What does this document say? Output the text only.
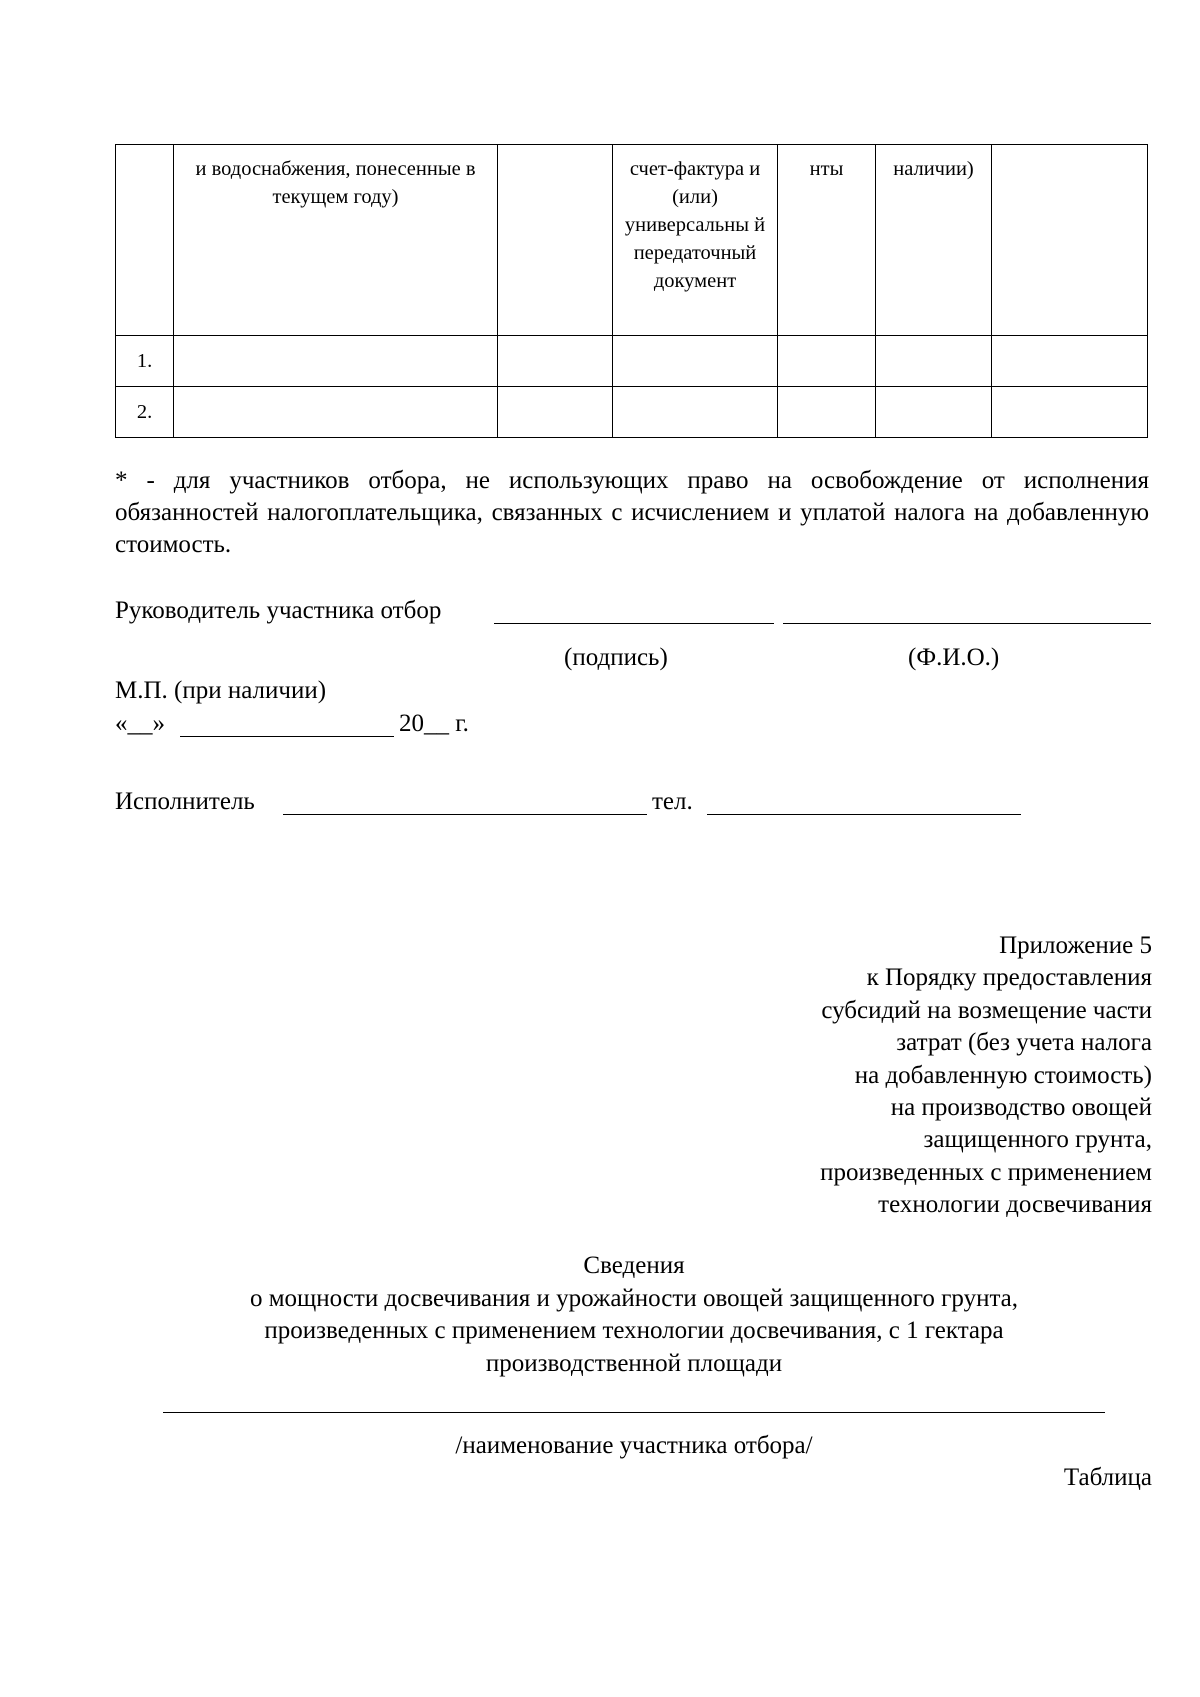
	и водоснабжения, понесенные в текущем году)		счет-фактура и (или) универсальны й передаточный документ	нты	наличии)	
1.						
2.						
* - для участников отбора, не использующих право на освобождение от исполнения обязанностей налогоплательщика, связанных с исчислением и уплатой налога на добавленную стоимость.
Руководитель участника отбор
(подпись)	(Ф.И.О.)
М.П. (при наличии)
«__»	20__ г.
Исполнитель	тел.
Приложение 5
к Порядку предоставления
субсидий на возмещение части
затрат (без учета налога
на добавленную стоимость)
на производство овощей
защищенного грунта,
произведенных с применением
технологии досвечивания
Сведения
о мощности досвечивания и урожайности овощей защищенного грунта,
произведенных с применением технологии досвечивания, с 1 гектара
производственной площади
/наименование участника отбора/
Таблица
